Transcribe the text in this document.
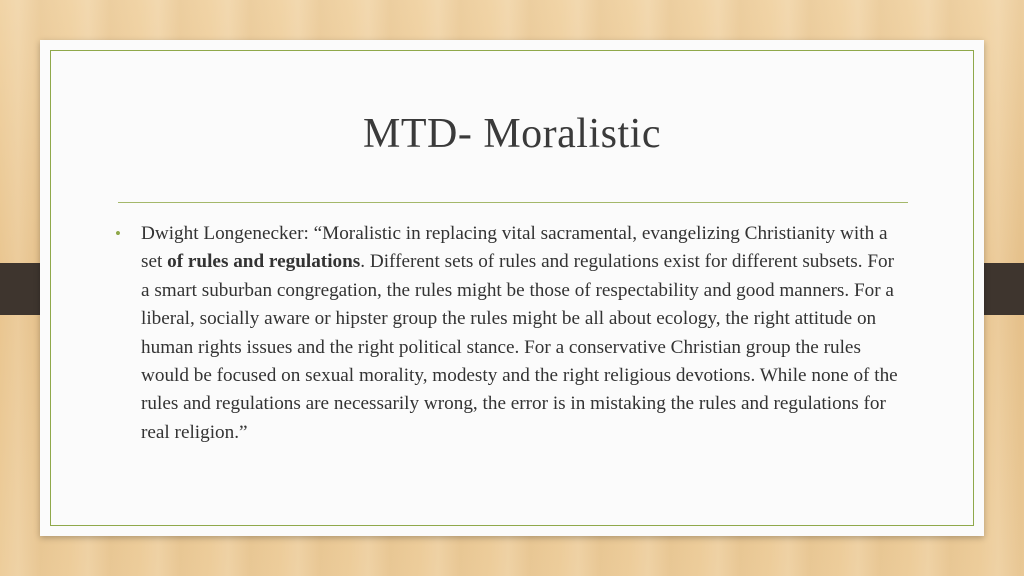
MTD- Moralistic
• Dwight Longenecker: “Moralistic in replacing vital sacramental, evangelizing Christianity with a set of rules and regulations. Different sets of rules and regulations exist for different subsets. For a smart suburban congregation, the rules might be those of respectability and good manners. For a liberal, socially aware or hipster group the rules might be all about ecology, the right attitude on human rights issues and the right political stance. For a conservative Christian group the rules would be focused on sexual morality, modesty and the right religious devotions. While none of the rules and regulations are necessarily wrong, the error is in mistaking the rules and regulations for real religion.”
